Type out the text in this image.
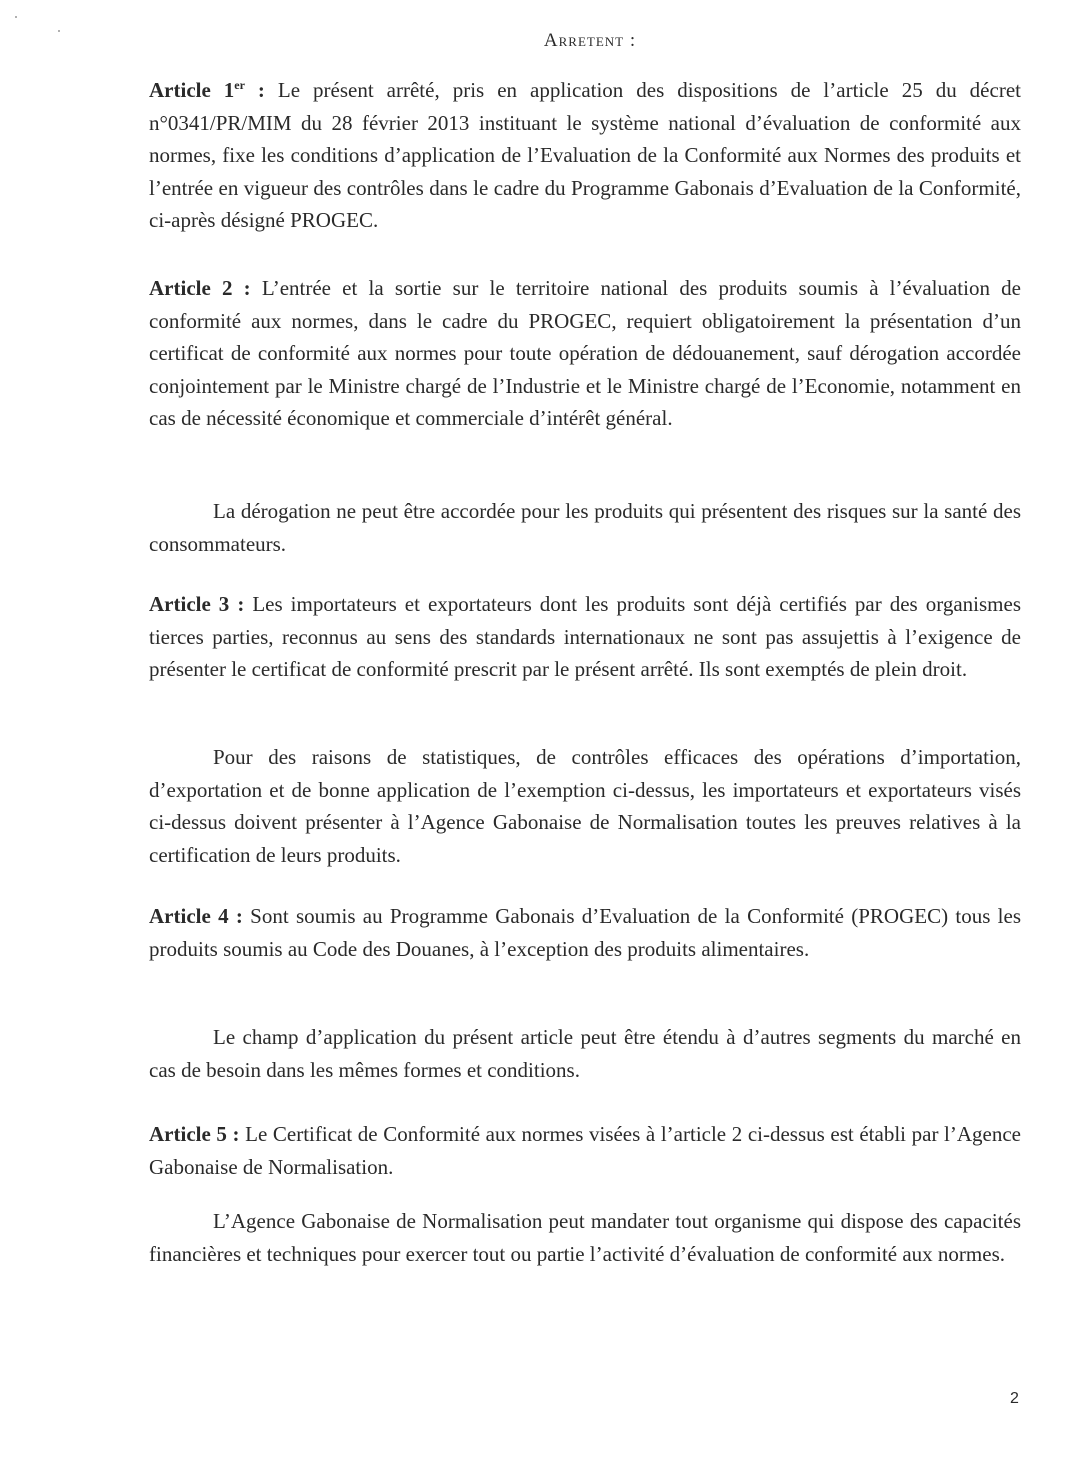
Arretent :

Article 1er : Le présent arrêté, pris en application des dispositions de l’article 25 du décret n°0341/PR/MIM du 28 février 2013 instituant le système national d’évaluation de conformité aux normes, fixe les conditions d’application de l’Evaluation de la Conformité aux Normes des produits et l’entrée en vigueur des contrôles dans le cadre du Programme Gabonais d’Evaluation de la Conformité, ci-après désigné PROGEC.

Article 2 : L’entrée et la sortie sur le territoire national des produits soumis à l’évaluation de conformité aux normes, dans le cadre du PROGEC, requiert obligatoirement la présentation d’un certificat de conformité aux normes pour toute opération de dédouanement, sauf dérogation accordée conjointement par le Ministre chargé de l’Industrie et le Ministre chargé de l’Economie, notamment en cas de nécessité économique et commerciale d’intérêt général.

La dérogation ne peut être accordée pour les produits qui présentent des risques sur la santé des consommateurs.

Article 3 : Les importateurs et exportateurs dont les produits sont déjà certifiés par des organismes tierces parties, reconnus au sens des standards internationaux ne sont pas assujettis à l’exigence de présenter le certificat de conformité prescrit par le présent arrêté. Ils sont exemptés de plein droit.

Pour des raisons de statistiques, de contrôles efficaces des opérations d’importation, d’exportation et de bonne application de l’exemption ci-dessus, les importateurs et exportateurs visés ci-dessus doivent présenter à l’Agence Gabonaise de Normalisation toutes les preuves relatives à la certification de leurs produits.

Article 4 : Sont soumis au Programme Gabonais d’Evaluation de la Conformité (PROGEC) tous les produits soumis au Code des Douanes, à l’exception des produits alimentaires.

Le champ d’application du présent article peut être étendu à d’autres segments du marché en cas de besoin dans les mêmes formes et conditions.

Article 5 : Le Certificat de Conformité aux normes visées à l’article 2 ci-dessus est établi par l’Agence Gabonaise de Normalisation.

L’Agence Gabonaise de Normalisation peut mandater tout organisme qui dispose des capacités financières et techniques pour exercer tout ou partie l’activité d’évaluation de conformité aux normes.

2
